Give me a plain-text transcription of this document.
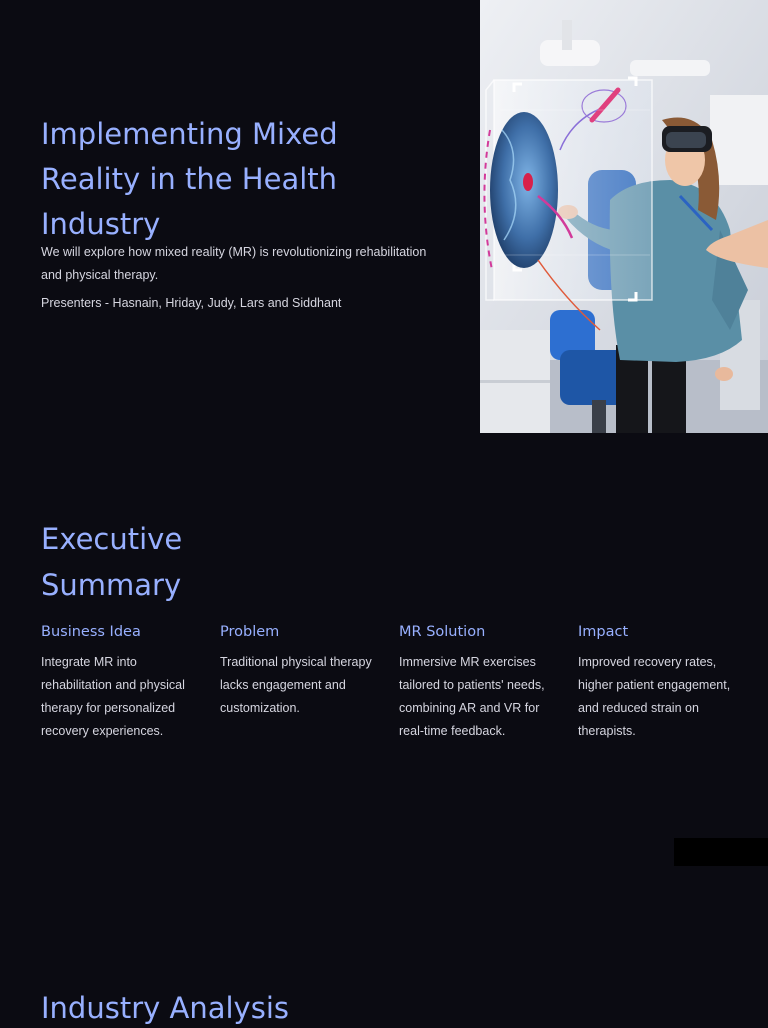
Implementing Mixed Reality in the Health Industry

We will explore how mixed reality (MR) is revolutionizing rehabilitation and physical therapy.

Presenters - Hasnain, Hriday, Judy, Lars and Siddhant

Executive Summary
Business Idea

Integrate MR into rehabilitation and physical therapy for personalized recovery experiences.

Problem

Traditional physical therapy lacks engagement and customization.

MR Solution

Immersive MR exercises tailored to patients' needs, combining AR and VR for real-time feedback.

Impact

Improved recovery rates, higher patient engagement, and reduced strain on therapists.

Industry Analysis
